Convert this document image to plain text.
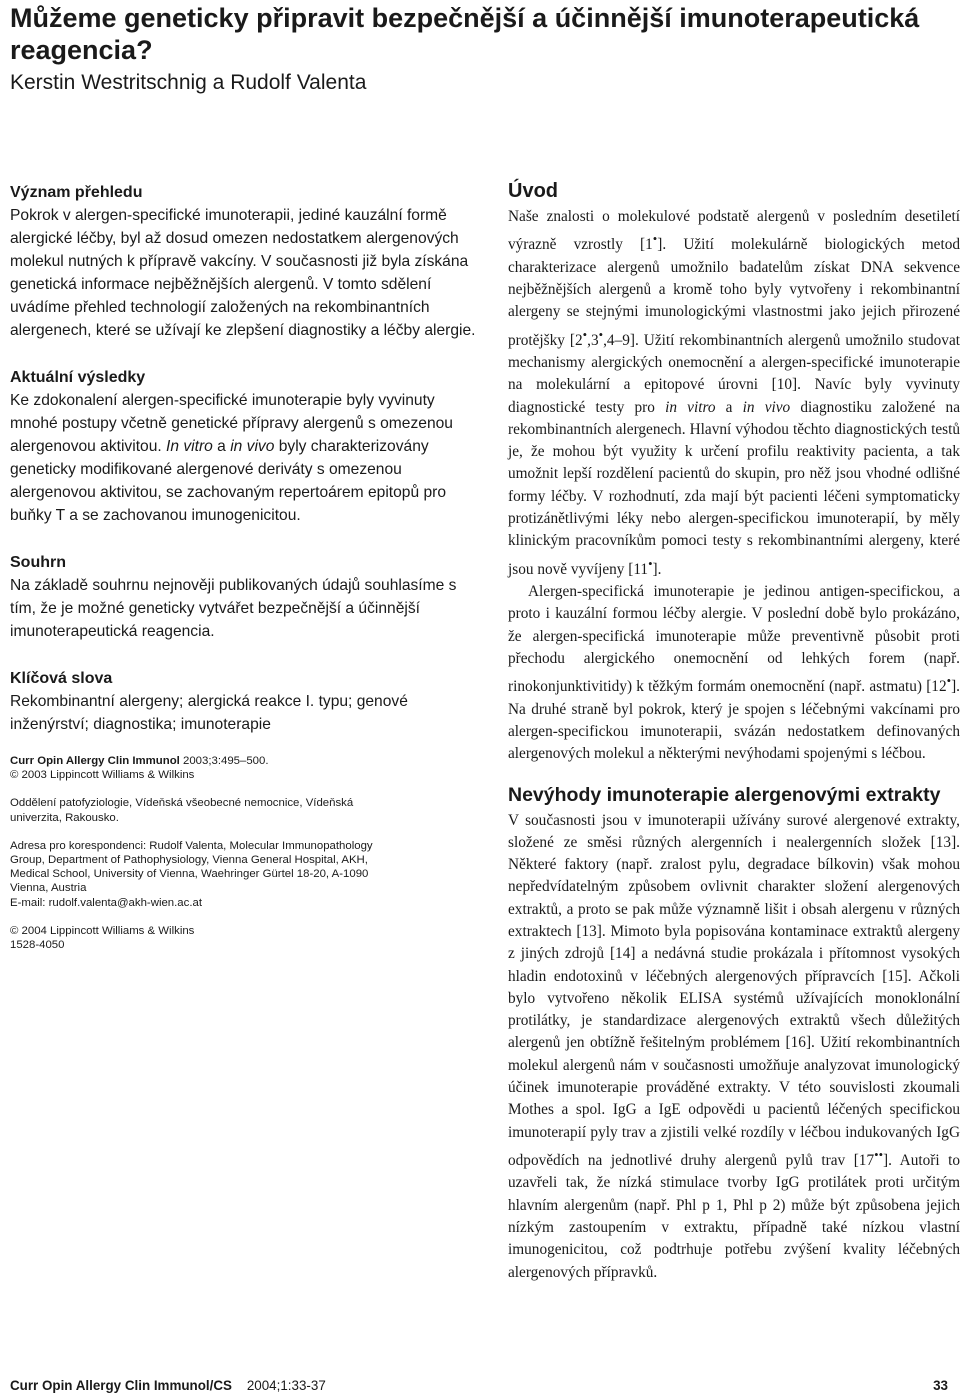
Můžeme geneticky připravit bezpečnější a účinnější imunoterapeutická reagencia?
Kerstin Westritschnig a Rudolf Valenta
Význam přehledu

Pokrok v alergen-specifické imunoterapii, jediné kauzální formě alergické léčby, byl až dosud omezen nedostatkem alergenových molekul nutných k přípravě vakcíny. V současnosti již byla získána genetická informace nejběžnějších alergenů. V tomto sdělení uvádíme přehled technologií založených na rekombinantních alergenech, které se užívají ke zlepšení diagnostiky a léčby alergie.

Aktuální výsledky

Ke zdokonalení alergen-specifické imunoterapie byly vyvinuty mnohé postupy včetně genetické přípravy alergenů s omezenou alergenovou aktivitou. In vitro a in vivo byly charakterizovány geneticky modifikované alergenové deriváty s omezenou alergenovou aktivitou, se zachovaným repertoárem epitopů pro buňky T a se zachovanou imunogenicitou.

Souhrn

Na základě souhrnu nejnověji publikovaných údajů souhlasíme s tím, že je možné geneticky vytvářet bezpečnější a účinnější imunoterapeutická reagencia.

Klíčová slova

Rekombinantní alergeny; alergická reakce I. typu; genové inženýrství; diagnostika; imunoterapie

Curr Opin Allergy Clin Immunol 2003;3:495–500.
© 2003 Lippincott Williams & Wilkins
Oddělení patofyziologie, Vídeňská všeobecné nemocnice, Vídeňská
univerzita, Rakousko.
Adresa pro korespondenci: Rudolf Valenta, Molecular Immunopathology
Group, Department of Pathophysiology, Vienna General Hospital, AKH,
Medical School, University of Vienna, Waehringer Gürtel 18-20, A-1090
Vienna, Austria
E-mail: rudolf.valenta@akh-wien.ac.at
© 2004 Lippincott Williams & Wilkins
1528-4050
Úvod

Naše znalosti o molekulové podstatě alergenů v posledním desetiletí výrazně vzrostly [1•]. Užití molekulárně biologických metod charakterizace alergenů umožnilo badatelům získat DNA sekvence nejběžnějších alergenů a kromě toho byly vytvořeny i rekombinantní alergeny se stejnými imunologickými vlastnostmi jako jejich přirozené protějšky [2•,3•,4–9]. Užití rekombinantních alergenů umožnilo studovat mechanismy alergických onemocnění a alergen-specifické imunoterapie na molekulární a epitopové úrovni [10]. Navíc byly vyvinuty diagnostické testy pro in vitro a in vivo diagnostiku založené na rekombinantních alergenech. Hlavní výhodou těchto diagnostických testů je, že mohou být využity k určení profilu reaktivity pacienta, a tak umožnit lepší rozdělení pacientů do skupin, pro něž jsou vhodné odlišné formy léčby. V rozhodnutí, zda mají být pacienti léčeni symptomaticky protizánětlivými léky nebo alergen-specifickou imunoterapií, by měly klinickým pracovníkům pomoci testy s rekombinantními alergeny, které jsou nově vyvíjeny [11•].

Alergen-specifická imunoterapie je jedinou antigen-specifickou, a proto i kauzální formou léčby alergie. V poslední době bylo prokázáno, že alergen-specifická imunoterapie může preventivně působit proti přechodu alergického onemocnění od lehkých forem (např. rinokonjunktivitidy) k těžkým formám onemocnění (např. astmatu) [12•]. Na druhé straně byl pokrok, který je spojen s léčebnými vakcínami pro alergen-specifickou imunoterapii, svázán nedostatkem definovaných alergenových molekul a některými nevýhodami spojenými s léčbou.

Nevýhody imunoterapie alergenovými extrakty

V současnosti jsou v imunoterapii užívány surové alergenové extrakty, složené ze směsi různých alergenních i nealergenních složek [13]. Některé faktory (např. zralost pylu, degradace bílkovin) však mohou nepředvídatelným způsobem ovlivnit charakter složení alergenových extraktů, a proto se pak může významně lišit i obsah alergenu v různých extraktech [13]. Mimoto byla popisována kontaminace extraktů alergeny z jiných zdrojů [14] a nedávná studie prokázala i přítomnost vysokých hladin endotoxinů v léčebných alergenových přípravcích [15]. Ačkoli bylo vytvořeno několik ELISA systémů užívajících monoklonální protilátky, je standardizace alergenových extraktů všech důležitých alergenů jen obtížně řešitelným problémem [16]. Užití rekombinantních molekul alergenů nám v současnosti umožňuje analyzovat imunologický účinek imunoterapie prováděné extrakty. V této souvislosti zkoumali Mothes a spol. IgG a IgE odpovědi u pacientů léčených specifickou imunoterapií pyly trav a zjistili velké rozdíly v léčbou indukovaných IgG odpovědích na jednotlivé druhy alergenů pylů trav [17••]. Autoři to uzavřeli tak, že nízká stimulace tvorby IgG protilátek proti určitým hlavním alergenům (např. Phl p 1, Phl p 2) může být způsobena jejich nízkým zastoupením v extraktu, případně také nízkou vlastní imunogenicitou, což podtrhuje potřebu zvýšení kvality léčebných alergenových přípravků.

Curr Opin Allergy Clin Immunol/CS 2004;1:33-37	33
